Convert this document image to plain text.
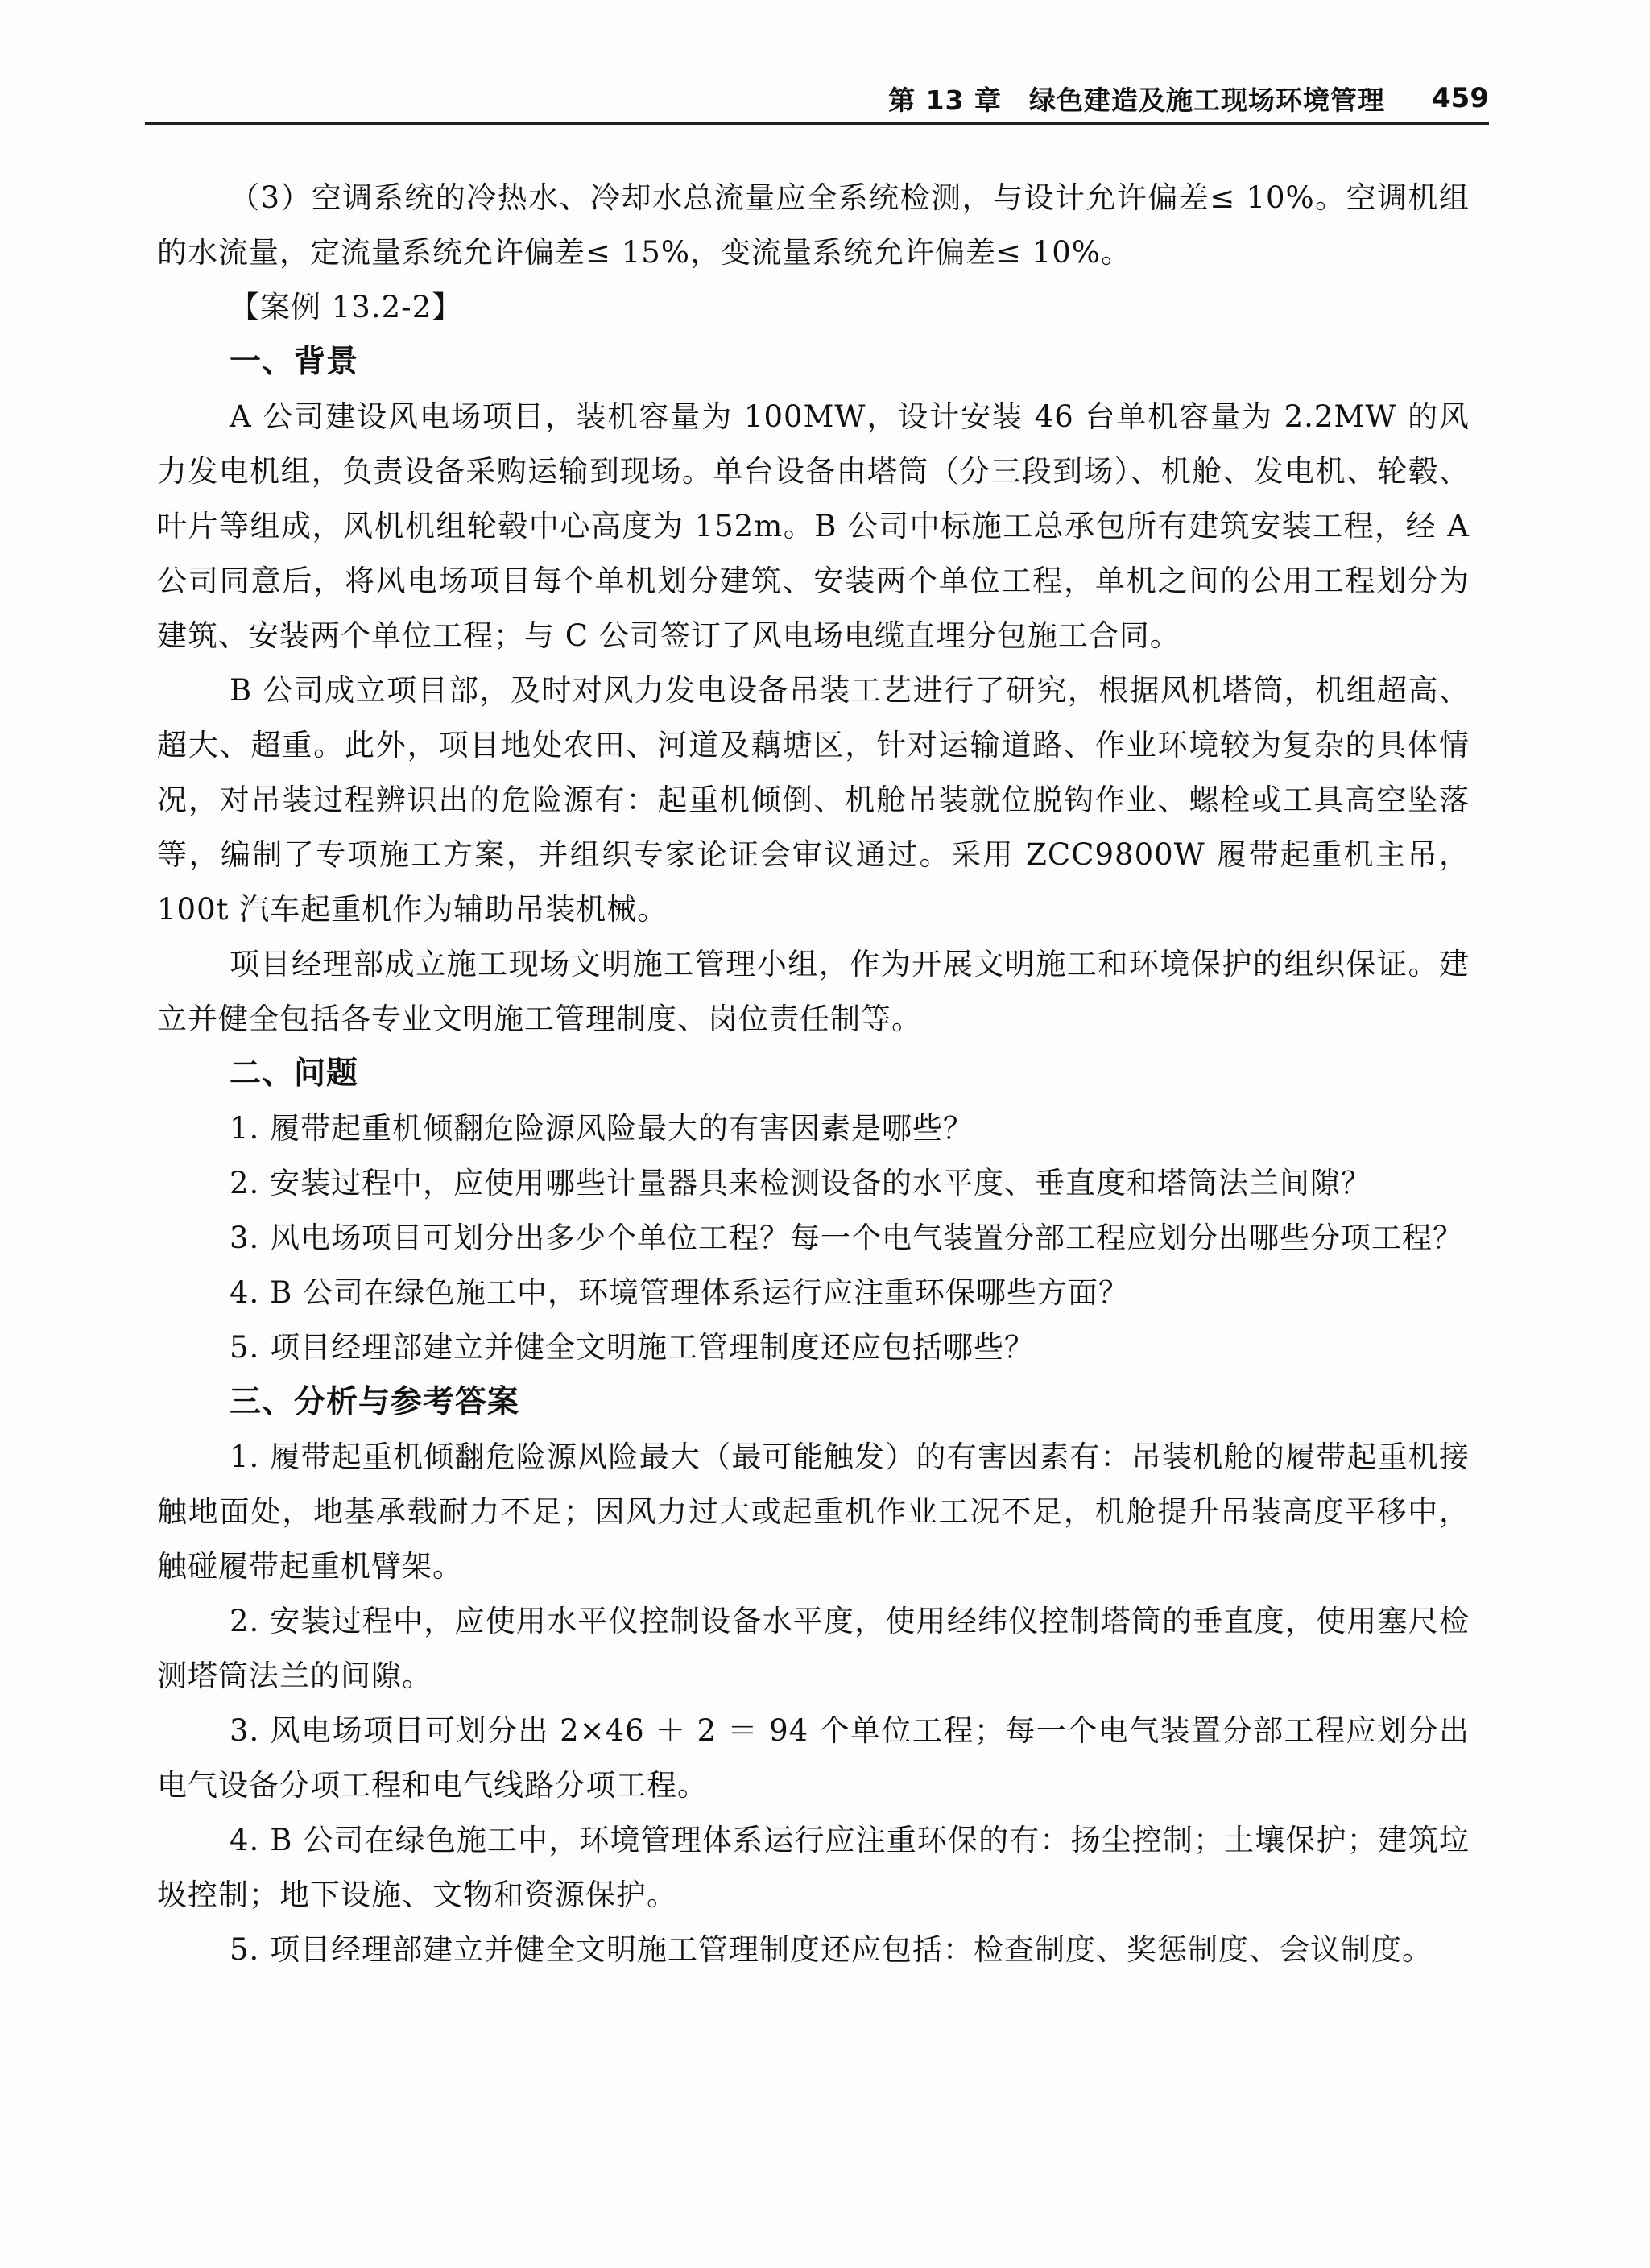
第 13 章　绿色建造及施工现场环境管理 459

（3）空调系统的冷热水、冷却水总流量应全系统检测，与设计允许偏差≤ 10%。空调机组的水流量，定流量系统允许偏差≤ 15%，变流量系统允许偏差≤ 10%。

【案例 13.2-2】

一、背景

A 公司建设风电场项目，装机容量为 100MW，设计安装 46 台单机容量为 2.2MW 的风力发电机组，负责设备采购运输到现场。单台设备由塔筒（分三段到场）、机舱、发电机、轮毂、叶片等组成，风机机组轮毂中心高度为 152m。B 公司中标施工总承包所有建筑安装工程，经 A 公司同意后，将风电场项目每个单机划分建筑、安装两个单位工程，单机之间的公用工程划分为建筑、安装两个单位工程；与 C 公司签订了风电场电缆直埋分包施工合同。

B 公司成立项目部，及时对风力发电设备吊装工艺进行了研究，根据风机塔筒，机组超高、超大、超重。此外，项目地处农田、河道及藕塘区，针对运输道路、作业环境较为复杂的具体情况，对吊装过程辨识出的危险源有：起重机倾倒、机舱吊装就位脱钩作业、螺栓或工具高空坠落等，编制了专项施工方案，并组织专家论证会审议通过。采用 ZCC9800W 履带起重机主吊，100t 汽车起重机作为辅助吊装机械。

项目经理部成立施工现场文明施工管理小组，作为开展文明施工和环境保护的组织保证。建立并健全包括各专业文明施工管理制度、岗位责任制等。

二、问题

1. 履带起重机倾翻危险源风险最大的有害因素是哪些？

2. 安装过程中，应使用哪些计量器具来检测设备的水平度、垂直度和塔筒法兰间隙？

3. 风电场项目可划分出多少个单位工程？每一个电气装置分部工程应划分出哪些分项工程？

4. B 公司在绿色施工中，环境管理体系运行应注重环保哪些方面？

5. 项目经理部建立并健全文明施工管理制度还应包括哪些？

三、分析与参考答案

1. 履带起重机倾翻危险源风险最大（最可能触发）的有害因素有：吊装机舱的履带起重机接触地面处，地基承载耐力不足；因风力过大或起重机作业工况不足，机舱提升吊装高度平移中，触碰履带起重机臂架。

2. 安装过程中，应使用水平仪控制设备水平度，使用经纬仪控制塔筒的垂直度，使用塞尺检测塔筒法兰的间隙。

3. 风电场项目可划分出 2×46 ＋ 2 ＝ 94 个单位工程；每一个电气装置分部工程应划分出电气设备分项工程和电气线路分项工程。

4. B 公司在绿色施工中，环境管理体系运行应注重环保的有：扬尘控制；土壤保护；建筑垃圾控制；地下设施、文物和资源保护。

5. 项目经理部建立并健全文明施工管理制度还应包括：检查制度、奖惩制度、会议制度。
